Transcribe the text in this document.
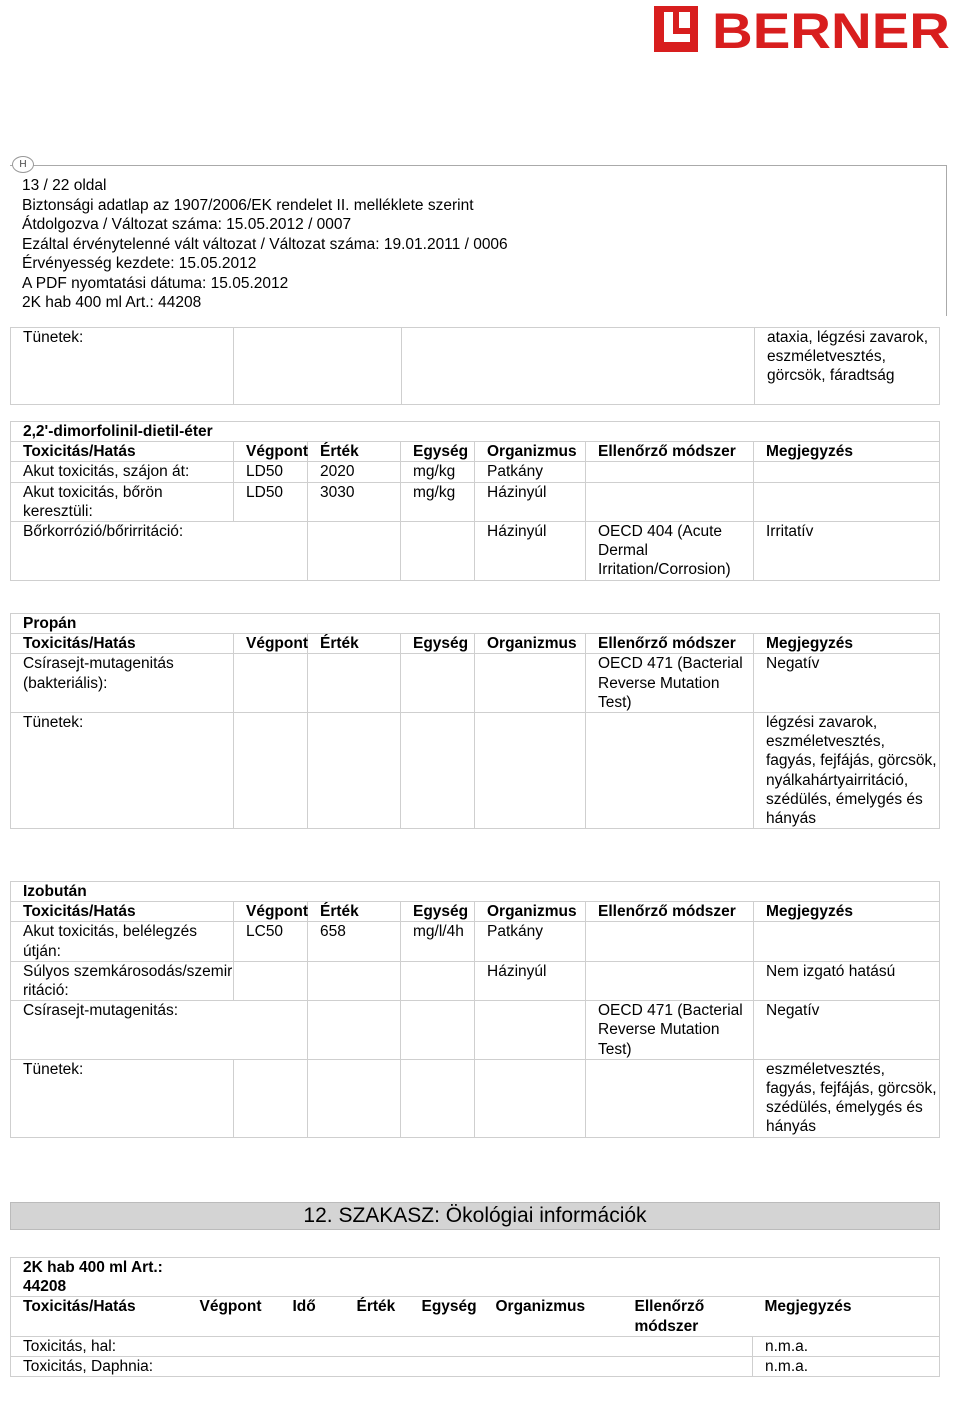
BERNER
H
13 / 22 oldal
Biztonsági adatlap az 1907/2006/EK rendelet II. melléklete szerint
Átdolgozva / Változat száma: 15.05.2012 / 0007
Ezáltal érvénytelenné vált változat / Változat száma: 19.01.2011 / 0006
Érvényesség kezdete: 15.05.2012
A PDF nyomtatási dátuma: 15.05.2012
2K hab 400 ml Art.: 44208
Tünetek:			ataxia, légzési zavarok, eszméletvesztés, görcsök, fáradtság
2,2'-dimorfolinil-dietil-éter						
Toxicitás/Hatás	Végpont	Érték	Egység	Organizmus	Ellenőrző módszer	Megjegyzés
Akut toxicitás, szájon át:	LD50	2020	mg/kg	Patkány		
Akut toxicitás, bőrön keresztüli:	LD50	3030	mg/kg	Házinyúl		
Bőrkorrózió/bőrirritáció:				Házinyúl	OECD 404 (Acute Dermal Irritation/Corrosion)	Irritatív
Propán						
Toxicitás/Hatás	Végpont	Érték	Egység	Organizmus	Ellenőrző módszer	Megjegyzés
Csírasejt-mutagenitás (bakteriális):					OECD 471 (Bacterial Reverse Mutation Test)	Negatív
Tünetek:						légzési zavarok, eszméletvesztés, fagyás, fejfájás, görcsök, nyálkahártyairritáció, szédülés, émelygés és hányás
Izobután						
Toxicitás/Hatás	Végpont	Érték	Egység	Organizmus	Ellenőrző módszer	Megjegyzés
Akut toxicitás, belélegzés útján:	LC50	658	mg/l/4h	Patkány		
Súlyos szemkárosodás/szemirritáció:				Házinyúl		Nem izgató hatású
Csírasejt-mutagenitás:					OECD 471 (Bacterial Reverse Mutation Test)	Negatív
Tünetek:						eszméletvesztés, fagyás, fejfájás, görcsök, szédülés, émelygés és hányás
12. SZAKASZ: Ökológiai információk
2K hab 400 ml Art.: 44208							

Toxicitás/Hatás	Végpont	Idő	Érték	Egység	Organizmus	Ellenőrző módszer	Megjegyzés
Toxicitás, hal:							n.m.a.
Toxicitás, Daphnia:							n.m.a.
